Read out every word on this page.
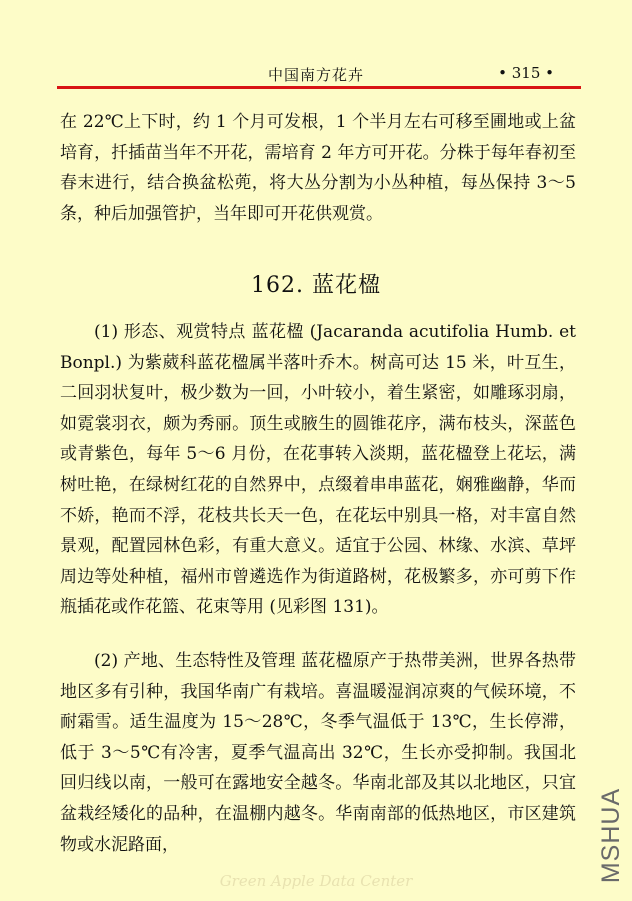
中国南方花卉	• 315 •

在 22℃上下时，约 1 个月可发根，1 个半月左右可移至圃地或上盆培育，扦插苗当年不开花，需培育 2 年方可开花。分株于每年春初至春末进行，结合换盆松蔸，将大丛分割为小丛种植，每丛保持 3～5 条，种后加强管护，当年即可开花供观赏。

162. 蓝花楹

(1) 形态、观赏特点 蓝花楹 (Jacaranda acutifolia Humb. et Bonpl.) 为紫葳科蓝花楹属半落叶乔木。树高可达 15 米，叶互生，二回羽状复叶，极少数为一回，小叶较小，着生紧密，如雕琢羽扇，如霓裳羽衣，颇为秀丽。顶生或腋生的圆锥花序，满布枝头，深蓝色或青紫色，每年 5～6 月份，在花事转入淡期，蓝花楹登上花坛，满树吐艳，在绿树红花的自然界中，点缀着串串蓝花，娴雅幽静，华而不娇，艳而不浮，花枝共长天一色，在花坛中别具一格，对丰富自然景观，配置园林色彩，有重大意义。适宜于公园、林缘、水滨、草坪周边等处种植，福州市曾遴选作为街道路树，花极繁多，亦可剪下作瓶插花或作花篮、花束等用 (见彩图 131)。

(2) 产地、生态特性及管理 蓝花楹原产于热带美洲，世界各热带地区多有引种，我国华南广有栽培。喜温暖湿润凉爽的气候环境，不耐霜雪。适生温度为 15～28℃，冬季气温低于 13℃，生长停滞，低于 3～5℃有冷害，夏季气温高出 32℃，生长亦受抑制。我国北回归线以南，一般可在露地安全越冬。华南北部及其以北地区，只宜盆栽经矮化的品种，在温棚内越冬。华南南部的低热地区，市区建筑物或水泥路面，

Green Apple Data Center	MSHUA
